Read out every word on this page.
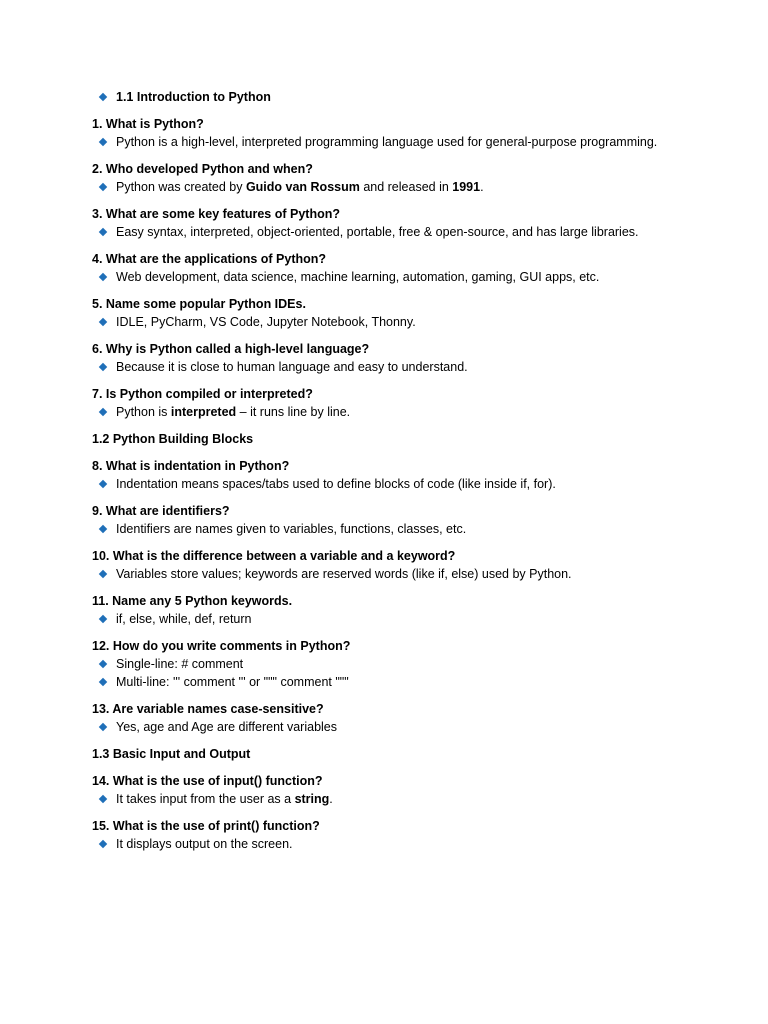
1.1 Introduction to Python
1. What is Python?
Python is a high-level, interpreted programming language used for general-purpose programming.
2. Who developed Python and when?
Python was created by Guido van Rossum and released in 1991.
3. What are some key features of Python?
Easy syntax, interpreted, object-oriented, portable, free & open-source, and has large libraries.
4. What are the applications of Python?
Web development, data science, machine learning, automation, gaming, GUI apps, etc.
5. Name some popular Python IDEs.
IDLE, PyCharm, VS Code, Jupyter Notebook, Thonny.
6. Why is Python called a high-level language?
Because it is close to human language and easy to understand.
7. Is Python compiled or interpreted?
Python is interpreted – it runs line by line.
1.2 Python Building Blocks
8. What is indentation in Python?
Indentation means spaces/tabs used to define blocks of code (like inside if, for).
9. What are identifiers?
Identifiers are names given to variables, functions, classes, etc.
10. What is the difference between a variable and a keyword?
Variables store values; keywords are reserved words (like if, else) used by Python.
11. Name any 5 Python keywords.
if, else, while, def, return
12. How do you write comments in Python?
Single-line: # comment
Multi-line: ''' comment ''' or """ comment """
13. Are variable names case-sensitive?
Yes, age and Age are different variables
1.3 Basic Input and Output
14. What is the use of input() function?
It takes input from the user as a string.
15. What is the use of print() function?
It displays output on the screen.
